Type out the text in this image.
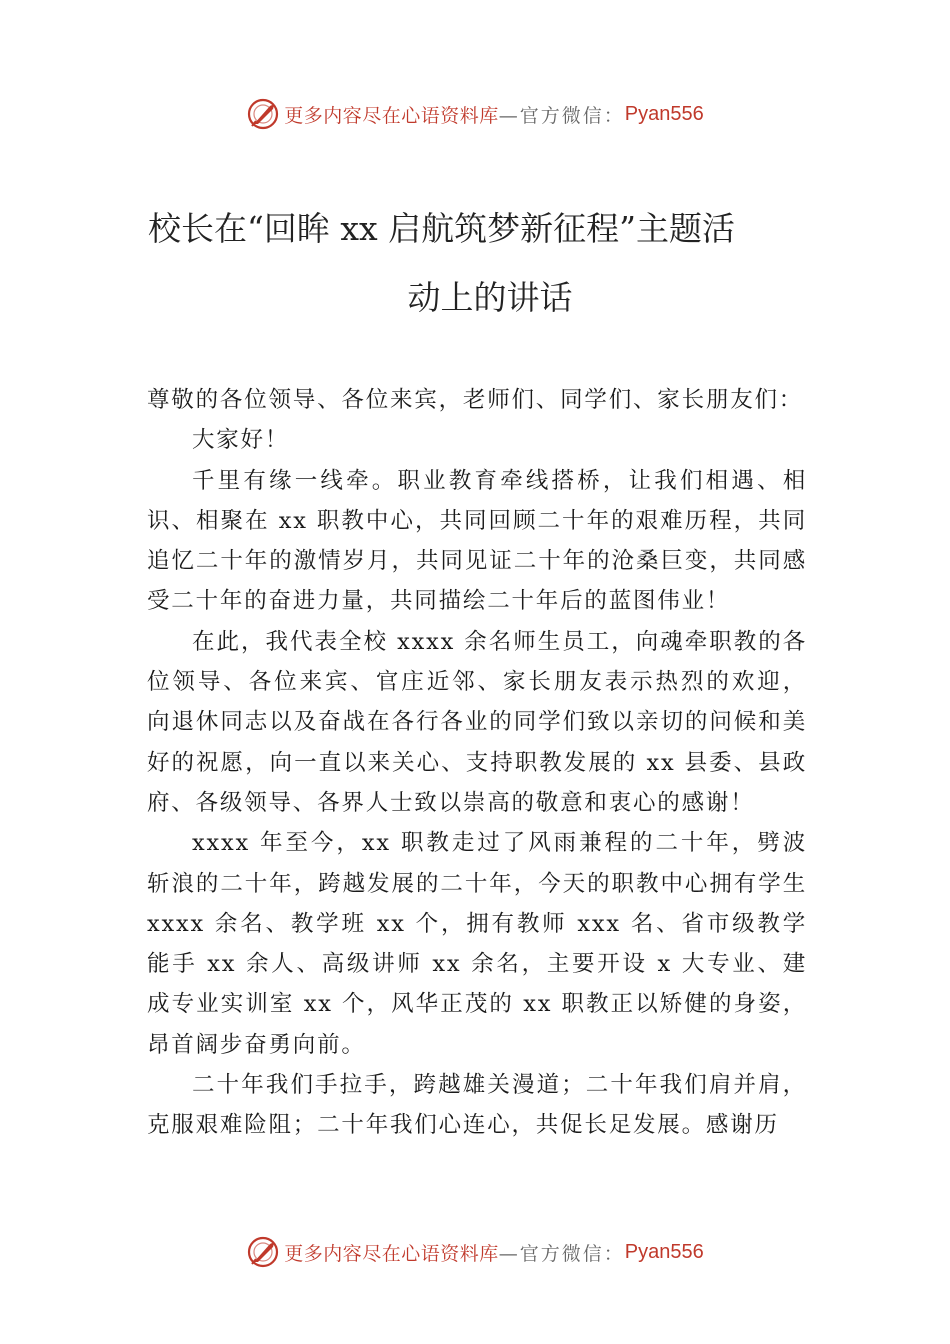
更多内容尽在心语资料库 —官方微信： Pyan556
校长在“回眸 xx 启航筑梦新征程”主题活
动上的讲话

尊敬的各位领导、各位来宾，老师们、同学们、家长朋友们：

大家好！

千里有缘一线牵。职业教育牵线搭桥，让我们相遇、相识、相聚在 xx 职教中心，共同回顾二十年的艰难历程，共同追忆二十年的激情岁月，共同见证二十年的沧桑巨变，共同感受二十年的奋进力量，共同描绘二十年后的蓝图伟业！

在此，我代表全校 xxxx 余名师生员工，向魂牵职教的各位领导、各位来宾、官庄近邻、家长朋友表示热烈的欢迎， 向退休同志以及奋战在各行各业的同学们致以亲切的问候和美好的祝愿，向一直以来关心、支持职教发展的 xx 县委、县政府、各级领导、各界人士致以崇高的敬意和衷心的感谢！

xxxx 年至今，xx 职教走过了风雨兼程的二十年，劈波斩浪的二十年，跨越发展的二十年，今天的职教中心拥有学生 xxxx 余名、教学班 xx 个，拥有教师 xxx 名、省市级教学能手 xx 余人、高级讲师 xx 余名，主要开设 x 大专业、建成专业实训室 xx 个，风华正茂的 xx 职教正以矫健的身姿，昂首阔步奋勇向前。

二十年我们手拉手，跨越雄关漫道；二十年我们肩并肩，克服艰难险阻；二十年我们心连心，共促长足发展。感谢历

更多内容尽在心语资料库 —官方微信： Pyan556
